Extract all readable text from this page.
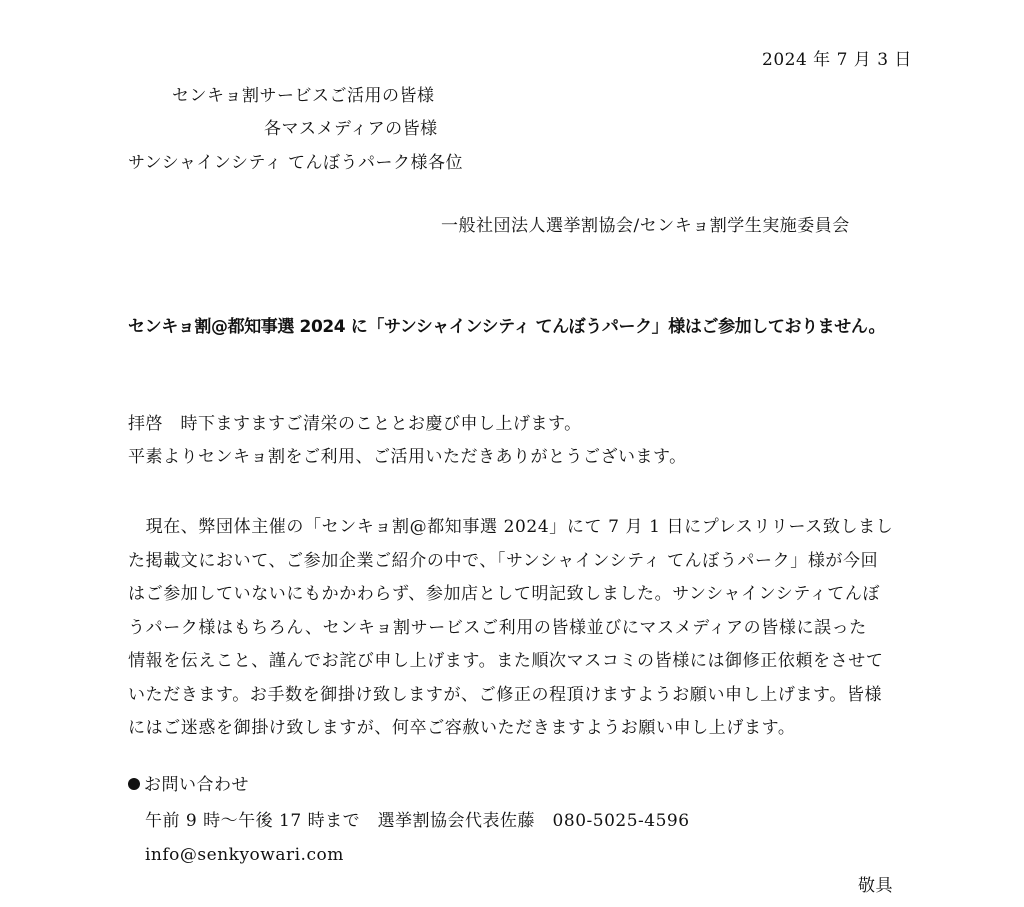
2024 年 7 月 3 日
センキョ割サービスご活用の皆様
各マスメディアの皆様
サンシャインシティ てんぼうパーク様各位
一般社団法人選挙割協会/センキョ割学生実施委員会
センキョ割@都知事選 2024 に「サンシャインシティ てんぼうパーク」様はご参加しておりません。
拝啓　時下ますますご清栄のこととお慶び申し上げます。
平素よりセンキョ割をご利用、ご活用いただきありがとうございます。
　現在、弊団体主催の「センキョ割@都知事選 2024」にて 7 月 1 日にプレスリリース致しまし
た掲載文において、ご参加企業ご紹介の中で、「サンシャインシティ てんぼうパーク」様が今回
はご参加していないにもかかわらず、参加店として明記致しました。サンシャインシティてんぼ
うパーク様はもちろん、センキョ割サービスご利用の皆様並びにマスメディアの皆様に誤った
情報を伝えこと、謹んでお詫び申し上げます。また順次マスコミの皆様には御修正依頼をさせて
いただきます。お手数を御掛け致しますが、ご修正の程頂けますようお願い申し上げます。皆様
にはご迷惑を御掛け致しますが、何卒ご容赦いただきますようお願い申し上げます。
お問い合わせ
午前 9 時～午後 17 時まで　選挙割協会代表佐藤　080-5025-4596
info@senkyowari.com
敬具
